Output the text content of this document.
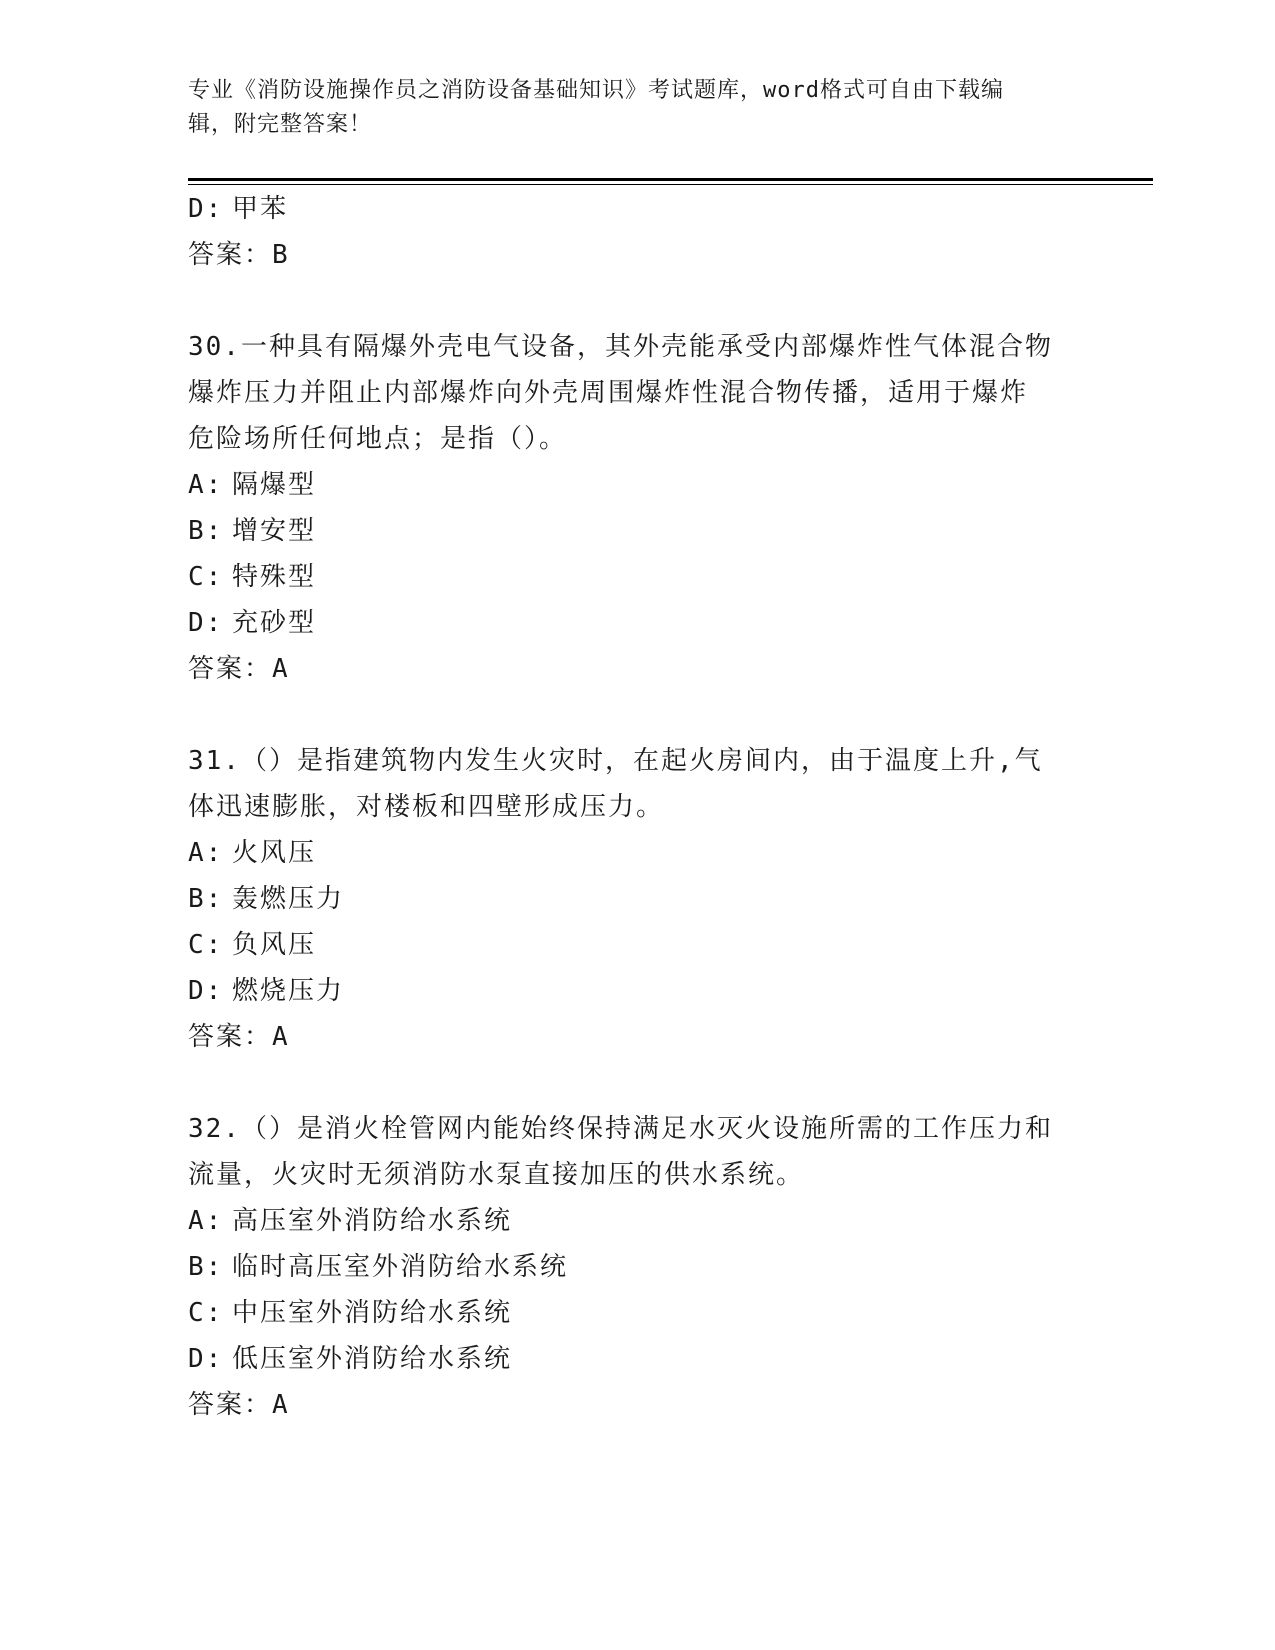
专业《消防设施操作员之消防设备基础知识》考试题库，word格式可自由下载编
辑，附完整答案！
D: 甲苯
答案：B
30.一种具有隔爆外壳电气设备，其外壳能承受内部爆炸性气体混合物
爆炸压力并阻止内部爆炸向外壳周围爆炸性混合物传播，适用于爆炸
危险场所任何地点；是指（）。
A: 隔爆型
B: 增安型
C: 特殊型
D: 充砂型
答案：A
31.（）是指建筑物内发生火灾时，在起火房间内，由于温度上升,气
体迅速膨胀，对楼板和四壁形成压力。
A: 火风压
B: 轰燃压力
C: 负风压
D: 燃烧压力
答案：A
32.（）是消火栓管网内能始终保持满足水灭火设施所需的工作压力和
流量，火灾时无须消防水泵直接加压的供水系统。
A: 高压室外消防给水系统
B: 临时高压室外消防给水系统
C: 中压室外消防给水系统
D: 低压室外消防给水系统
答案：A
